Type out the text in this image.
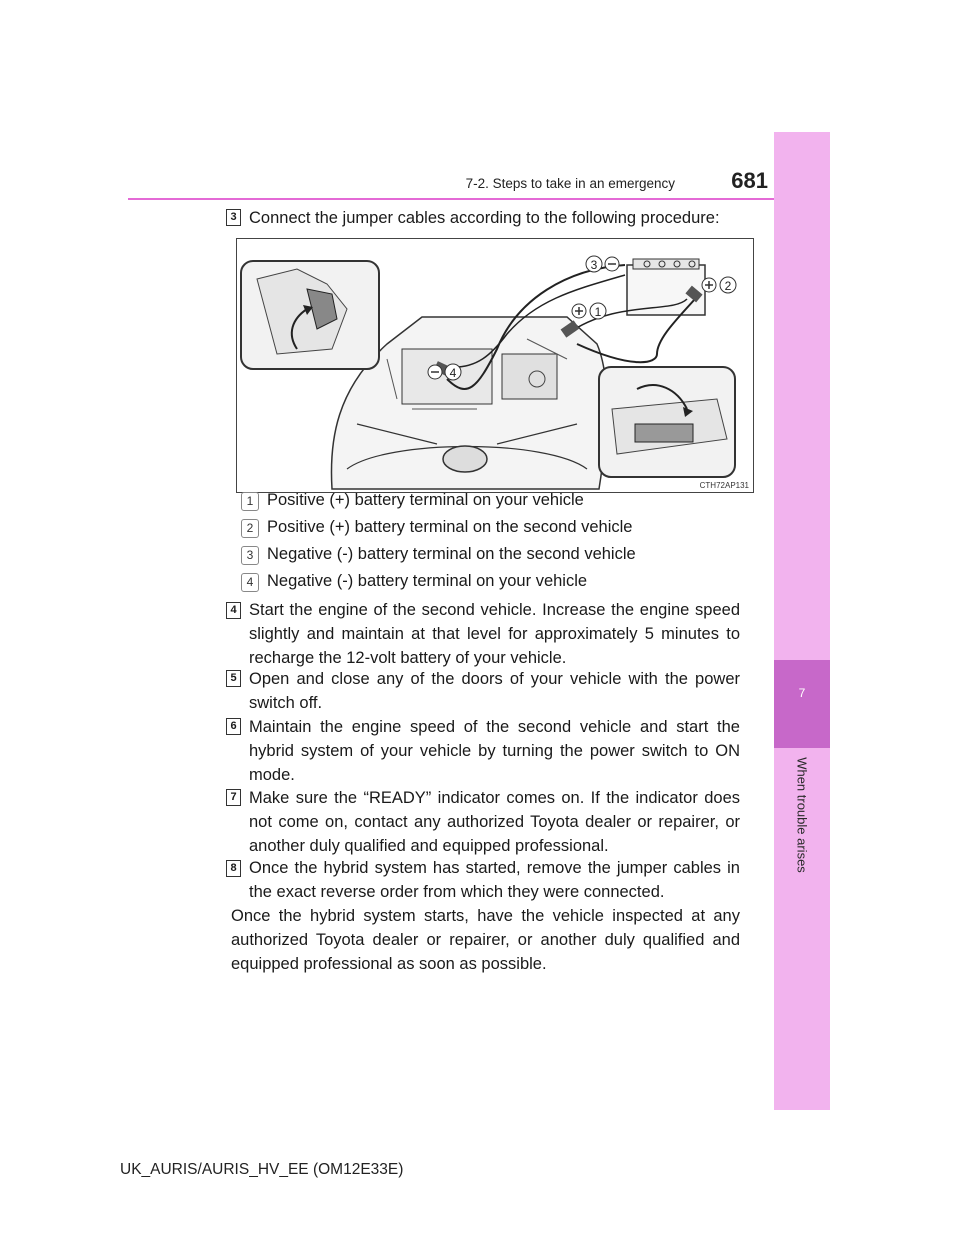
7-2. Steps to take in an emergency	681
7
When trouble arises
3 Connect the jumper cables according to the following procedure:
3
2
1
4
CTH72AP131
1 Positive (+) battery terminal on your vehicle
2 Positive (+) battery terminal on the second vehicle
3 Negative (-) battery terminal on the second vehicle
4 Negative (-) battery terminal on your vehicle
4 Start the engine of the second vehicle. Increase the engine speed slightly and maintain at that level for approximately 5 minutes to recharge the 12-volt battery of your vehicle.
5 Open and close any of the doors of your vehicle with the power switch off.
6 Maintain the engine speed of the second vehicle and start the hybrid system of your vehicle by turning the power switch to ON mode.
7 Make sure the “READY” indicator comes on. If the indicator does not come on, contact any authorized Toyota dealer or repairer, or another duly qualified and equipped professional.
8 Once the hybrid system has started, remove the jumper cables in the exact reverse order from which they were connected.
Once the hybrid system starts, have the vehicle inspected at any authorized Toyota dealer or repairer, or another duly qualified and equipped professional as soon as possible.
UK_AURIS/AURIS_HV_EE (OM12E33E)
